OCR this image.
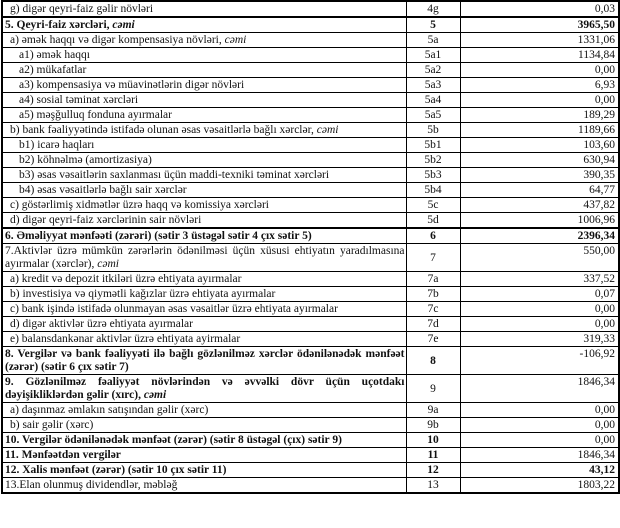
g) digər qeyri-faiz gəlir növləri	4g	0,03
5. Qeyri-faiz xərcləri, cəmi	5	3965,50
a) əmək haqqı və digər kompensasiya növləri, cəmi	5a	1331,06
a1) əmək haqqı	5a1	1134,84
a2) mükafatlar	5a2	0,00
a3) kompensasiya və müavinətlərin digər növləri	5a3	6,93
a4) sosial təminat xərcləri	5a4	0,00
a5) məşğulluq fonduna ayırmalar	5a5	189,29
b) bank fəaliyyətində istifadə olunan əsas vəsaitlərlə bağlı xərclər, cəmi	5b	1189,66
b1) icarə haqları	5b1	103,60
b2) köhnəlmə (amortizasiya)	5b2	630,94
b3) əsas vəsaitlərin saxlanması üçün maddi-texniki təminat xərcləri	5b3	390,35
b4) əsas vəsaitlərlə bağlı sair xərclər	5b4	64,77
c) göstərlimiş xidmətlər üzrə haqq və komissiya xərcləri	5c	437,82
d) digər qeyri-faiz xərclərinin sair növləri	5d	1006,96
6. Əməliyyat mənfəəti (zərəri) (sətir 3 üstəgəl sətir 4 çıx sətir 5)	6	2396,34
7.Aktivlər üzrə mümkün zərərlərin ödənilməsi üçün xüsusi ehtiyatın yaradılmasına ayırmalar (xərclər), cəmi	7	550,00
a) kredit və depozit itkiləri üzrə ehtiyata ayırmalar	7a	337,52
b) investisiya və qiymətli kağızlar üzrə ehtiyata ayırmalar	7b	0,07
c) bank işində istifadə olunmayan əsas vəsaitlər üzrə ehtiyata ayırmalar	7c	0,00
d) digər aktivlər üzrə ehtiyata ayırmalar	7d	0,00
e) balansdankənar aktivlər üzrə ehtiyata ayirmalar	7e	319,33
8. Vergilər və bank fəaliyyəti ilə bağlı gözlənilməz xərclər ödənilənədək mənfəət (zərər) (sətir 6 çıx sətir 7)	8	-106,92
9. Gözlənilməz fəaliyyət növlərindən və əvvəlki dövr üçün uçotdakı dəyişikliklərdən gəlir (xırc), cəmi	9	1846,34
a) daşınmaz əmlakın satışından gəlir (xərc)	9a	0,00
b) sair gəlir (xərc)	9b	0,00
10. Vergilər ödənilənədək mənfəət (zərər) (sətir 8 üstəgəl (çıx) sətir 9)	10	0,00
11. Mənfəətdən vergilər	11	1846,34
12. Xalis mənfəət (zərər) (sətir 10 çıx sətir 11)	12	43,12
13.Elan olunmuş dividendlər, məbləğ	13	1803,22
